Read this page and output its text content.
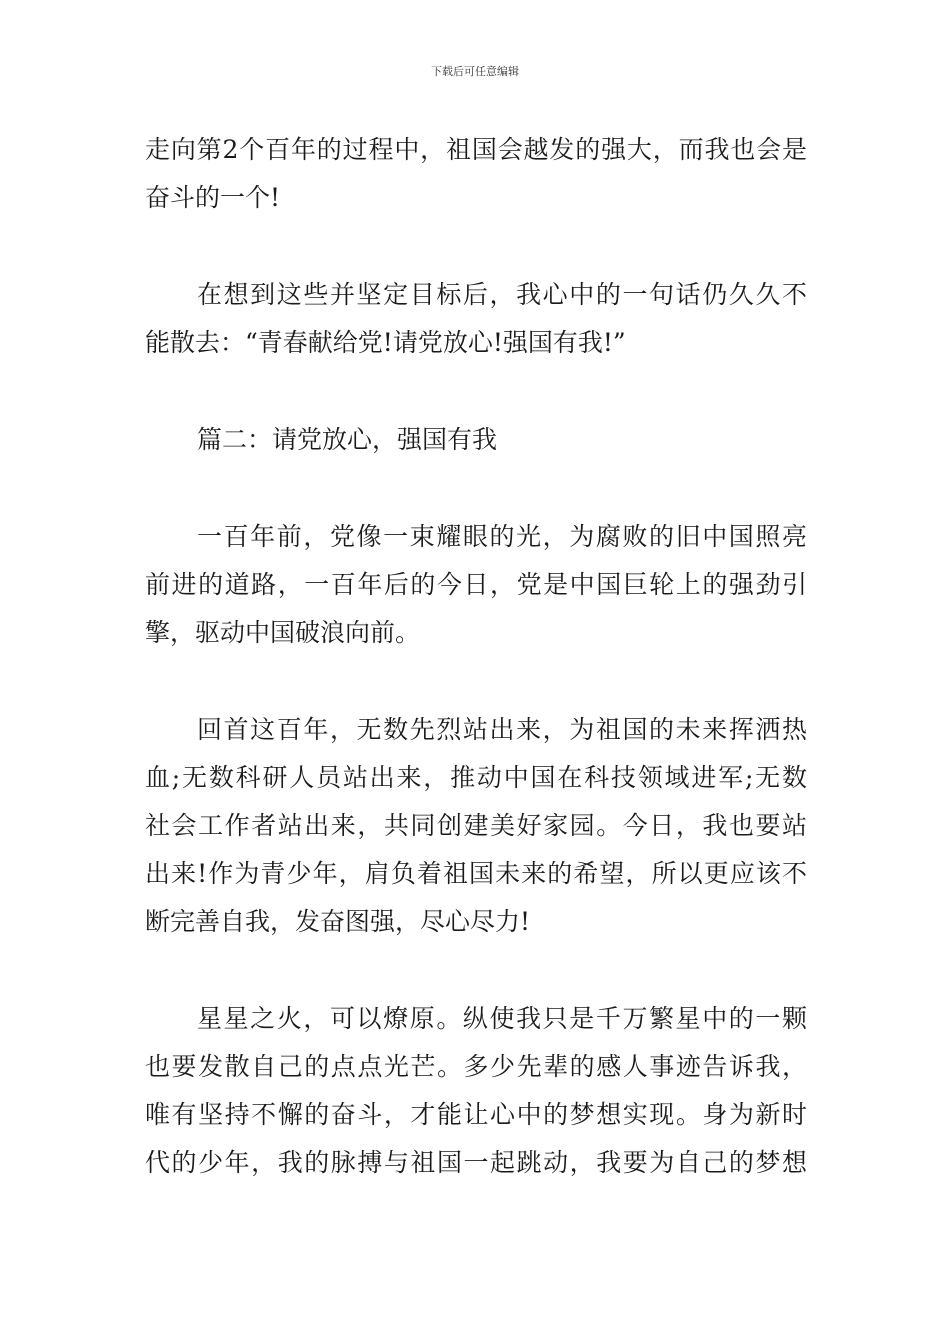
下载后可任意编辑
走向第2个百年的过程中，祖国会越发的强大，而我也会是
奋斗的一个!
在想到这些并坚定目标后，我心中的一句话仍久久不
能散去：“青春献给党!请党放心!强国有我!”
篇二：请党放心，强国有我
一百年前，党像一束耀眼的光，为腐败的旧中国照亮
前进的道路，一百年后的今日，党是中国巨轮上的强劲引
擎，驱动中国破浪向前。
回首这百年，无数先烈站出来，为祖国的未来挥洒热
血;无数科研人员站出来，推动中国在科技领域进军;无数
社会工作者站出来，共同创建美好家园。今日，我也要站
出来!作为青少年，肩负着祖国未来的希望，所以更应该不
断完善自我，发奋图强，尽心尽力!
星星之火，可以燎原。纵使我只是千万繁星中的一颗
也要发散自己的点点光芒。多少先辈的感人事迹告诉我，
唯有坚持不懈的奋斗，才能让心中的梦想实现。身为新时
代的少年，我的脉搏与祖国一起跳动，我要为自己的梦想
